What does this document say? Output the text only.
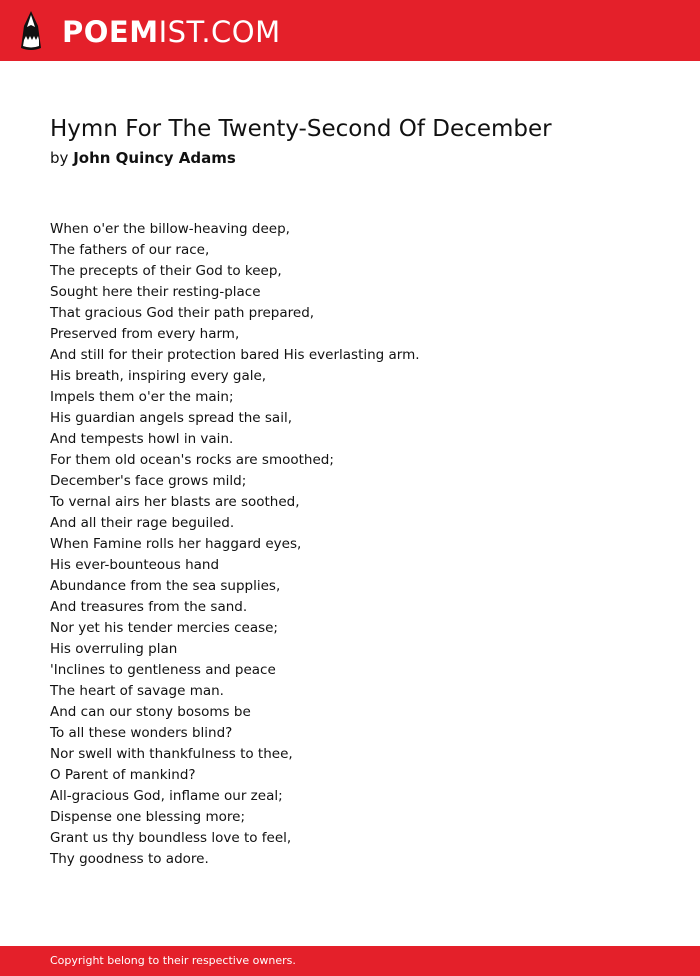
POEMIST.COM
Hymn For The Twenty-Second Of December
by John Quincy Adams
When o'er the billow-heaving deep,
The fathers of our race,
The precepts of their God to keep,
Sought here their resting-place
That gracious God their path prepared,
Preserved from every harm,
And still for their protection bared His everlasting arm.
His breath, inspiring every gale,
Impels them o'er the main;
His guardian angels spread the sail,
And tempests howl in vain.
For them old ocean's rocks are smoothed;
December's face grows mild;
To vernal airs her blasts are soothed,
And all their rage beguiled.
When Famine rolls her haggard eyes,
His ever-bounteous hand
Abundance from the sea supplies,
And treasures from the sand.
Nor yet his tender mercies cease;
His overruling plan
'Inclines to gentleness and peace
The heart of savage man.
And can our stony bosoms be
To all these wonders blind?
Nor swell with thankfulness to thee,
O Parent of mankind?
All-gracious God, inflame our zeal;
Dispense one blessing more;
Grant us thy boundless love to feel,
Thy goodness to adore.
Copyright belong to their respective owners.
